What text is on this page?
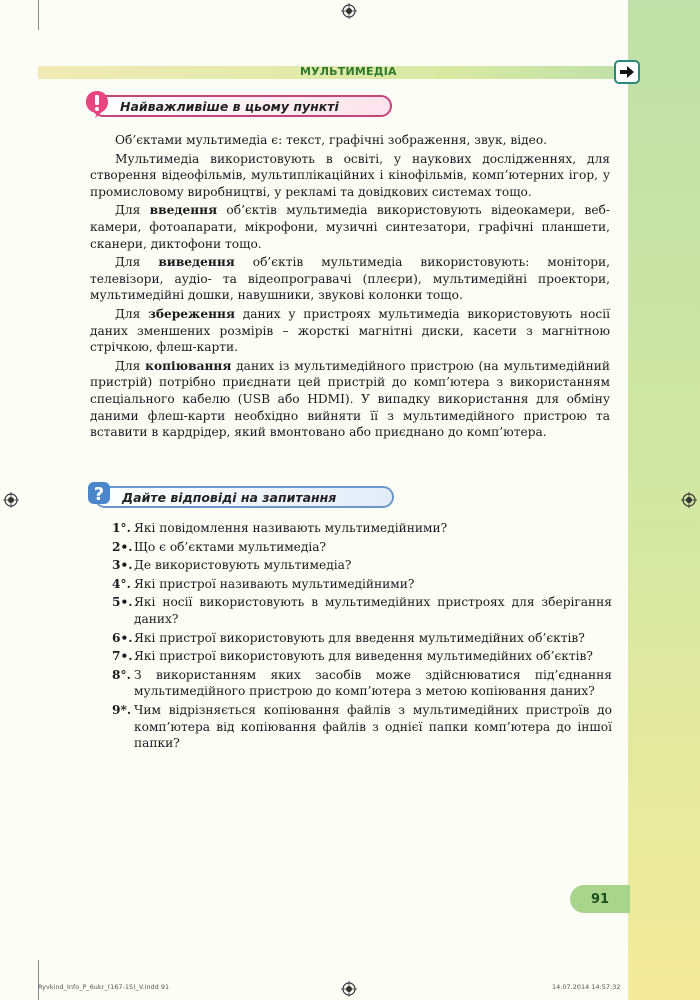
МУЛЬТИМЕДІА
Найважливіше в цьому пункті

Об’єктами мультимедіа є: текст, графічні зображення, звук, відео.

Мультимедіа використовують в освіті, у наукових дослідженнях, для створення відеофільмів, мультиплікаційних і кінофільмів, комп’ютерних ігор, у промисловому виробництві, у рекламі та довідкових системах тощо.

Для введення об’єктів мультимедіа використовують відеокамери, веб-камери, фотоапарати, мікрофони, музичні синтезатори, графічні планшети, сканери, диктофони тощо.

Для виведення об’єктів мультимедіа використовують: монітори, телевізори, аудіо- та відеопрогравачі (плеєри), мультимедійні проектори, мультимедійні дошки, навушники, звукові колонки тощо.

Для збереження даних у пристроях мультимедіа використовують носії даних зменшених розмірів – жорсткі магнітні диски, касети з магнітною стрічкою, флеш-карти.

Для копіювання даних із мультимедійного пристрою (на мультимедійний пристрій) потрібно приєднати цей пристрій до комп’ютера з використанням спеціального кабелю (USB або HDMI). У випадку використання для обміну даними флеш-карти необхідно вийняти її з мультимедійного пристрою та вставити в кардрідер, який вмонтовано або приєднано до комп’ютера.

?	Дайте відповіді на запитання
1°. Які повідомлення називають мультимедійними?
2•. Що є об’єктами мультимедіа?
3•. Де використовують мультимедіа?
4°. Які пристрої називають мультимедійними?
5•. Які носії використовують в мультимедійних пристроях для зберігання даних?
6•. Які пристрої використовують для введення мультимедійних об’єктів?
7•. Які пристрої використовують для виведення мультимедійних об’єктів?
8°. З використанням яких засобів може здійснюватися під’єднання мультимедійного пристрою до комп’ютера з метою копіювання даних?
9*. Чим відрізняється копіювання файлів з мультимедійних пристроїв до комп’ютера від копіювання файлів з однієї папки комп’ютера до іншої папки?
91
Ryvkind_Info_P_6ukr_(167-15)_V.indd 91	14.07.2014 14:57:32
